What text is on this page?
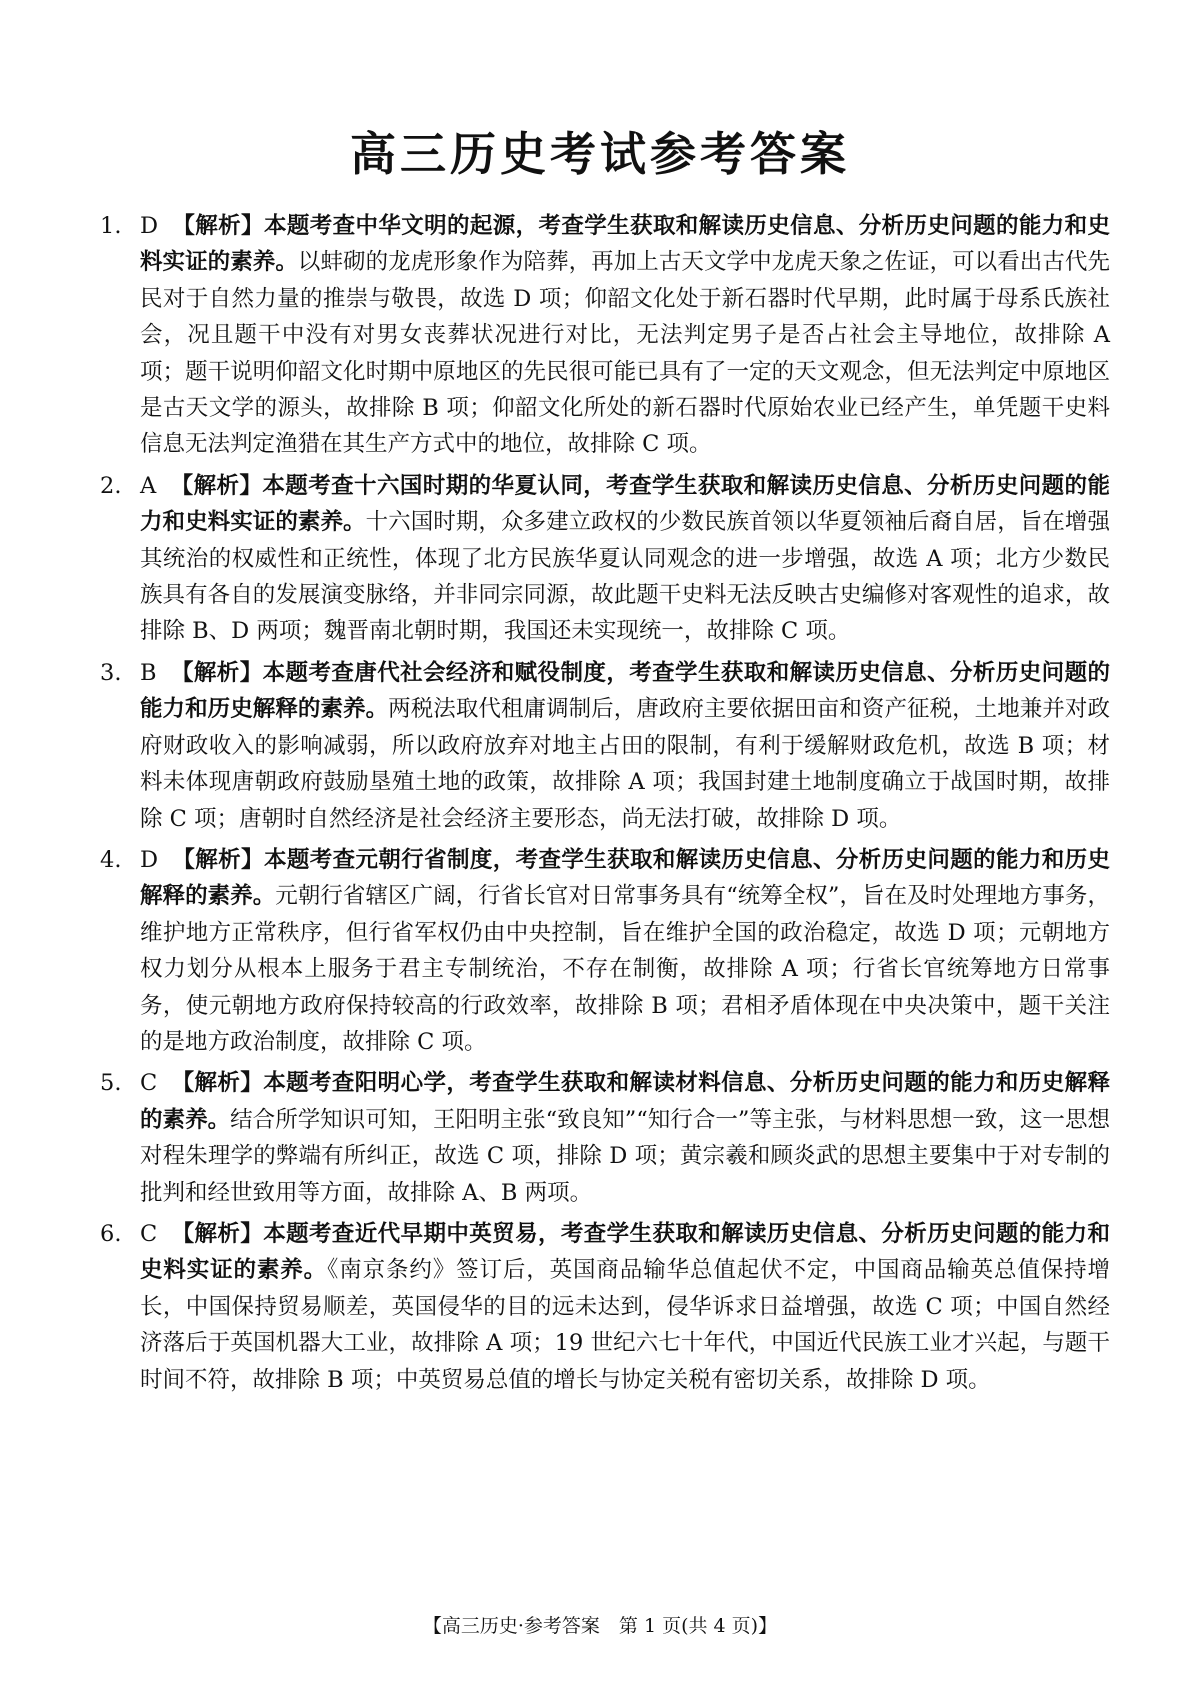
高三历史考试参考答案
1. D 【解析】本题考查中华文明的起源，考查学生获取和解读历史信息、分析历史问题的能力和史料实证的素养。以蚌砌的龙虎形象作为陪葬，再加上古天文学中龙虎天象之佐证，可以看出古代先民对于自然力量的推崇与敬畏，故选 D 项；仰韶文化处于新石器时代早期，此时属于母系氏族社会，况且题干中没有对男女丧葬状况进行对比，无法判定男子是否占社会主导地位，故排除 A 项；题干说明仰韶文化时期中原地区的先民很可能已具有了一定的天文观念，但无法判定中原地区是古天文学的源头，故排除 B 项；仰韶文化所处的新石器时代原始农业已经产生，单凭题干史料信息无法判定渔猎在其生产方式中的地位，故排除 C 项。
2. A 【解析】本题考查十六国时期的华夏认同，考查学生获取和解读历史信息、分析历史问题的能力和史料实证的素养。十六国时期，众多建立政权的少数民族首领以华夏领袖后裔自居，旨在增强其统治的权威性和正统性，体现了北方民族华夏认同观念的进一步增强，故选 A 项；北方少数民族具有各自的发展演变脉络，并非同宗同源，故此题干史料无法反映古史编修对客观性的追求，故排除 B、D 两项；魏晋南北朝时期，我国还未实现统一，故排除 C 项。
3. B 【解析】本题考查唐代社会经济和赋役制度，考查学生获取和解读历史信息、分析历史问题的能力和历史解释的素养。两税法取代租庸调制后，唐政府主要依据田亩和资产征税，土地兼并对政府财政收入的影响减弱，所以政府放弃对地主占田的限制，有利于缓解财政危机，故选 B 项；材料未体现唐朝政府鼓励垦殖土地的政策，故排除 A 项；我国封建土地制度确立于战国时期，故排除 C 项；唐朝时自然经济是社会经济主要形态，尚无法打破，故排除 D 项。
4. D 【解析】本题考查元朝行省制度，考查学生获取和解读历史信息、分析历史问题的能力和历史解释的素养。元朝行省辖区广阔，行省长官对日常事务具有“统筹全权”，旨在及时处理地方事务，维护地方正常秩序，但行省军权仍由中央控制，旨在维护全国的政治稳定，故选 D 项；元朝地方权力划分从根本上服务于君主专制统治，不存在制衡，故排除 A 项；行省长官统筹地方日常事务，使元朝地方政府保持较高的行政效率，故排除 B 项；君相矛盾体现在中央决策中，题干关注的是地方政治制度，故排除 C 项。
5. C 【解析】本题考查阳明心学，考查学生获取和解读材料信息、分析历史问题的能力和历史解释的素养。结合所学知识可知，王阳明主张“致良知”“知行合一”等主张，与材料思想一致，这一思想对程朱理学的弊端有所纠正，故选 C 项，排除 D 项；黄宗羲和顾炎武的思想主要集中于对专制的批判和经世致用等方面，故排除 A、B 两项。
6. C 【解析】本题考查近代早期中英贸易，考查学生获取和解读历史信息、分析历史问题的能力和史料实证的素养。《南京条约》签订后，英国商品输华总值起伏不定，中国商品输英总值保持增长，中国保持贸易顺差，英国侵华的目的远未达到，侵华诉求日益增强，故选 C 项；中国自然经济落后于英国机器大工业，故排除 A 项；19 世纪六七十年代，中国近代民族工业才兴起，与题干时间不符，故排除 B 项；中英贸易总值的增长与协定关税有密切关系，故排除 D 项。
【高三历史·参考答案　第 1 页(共 4 页)】
